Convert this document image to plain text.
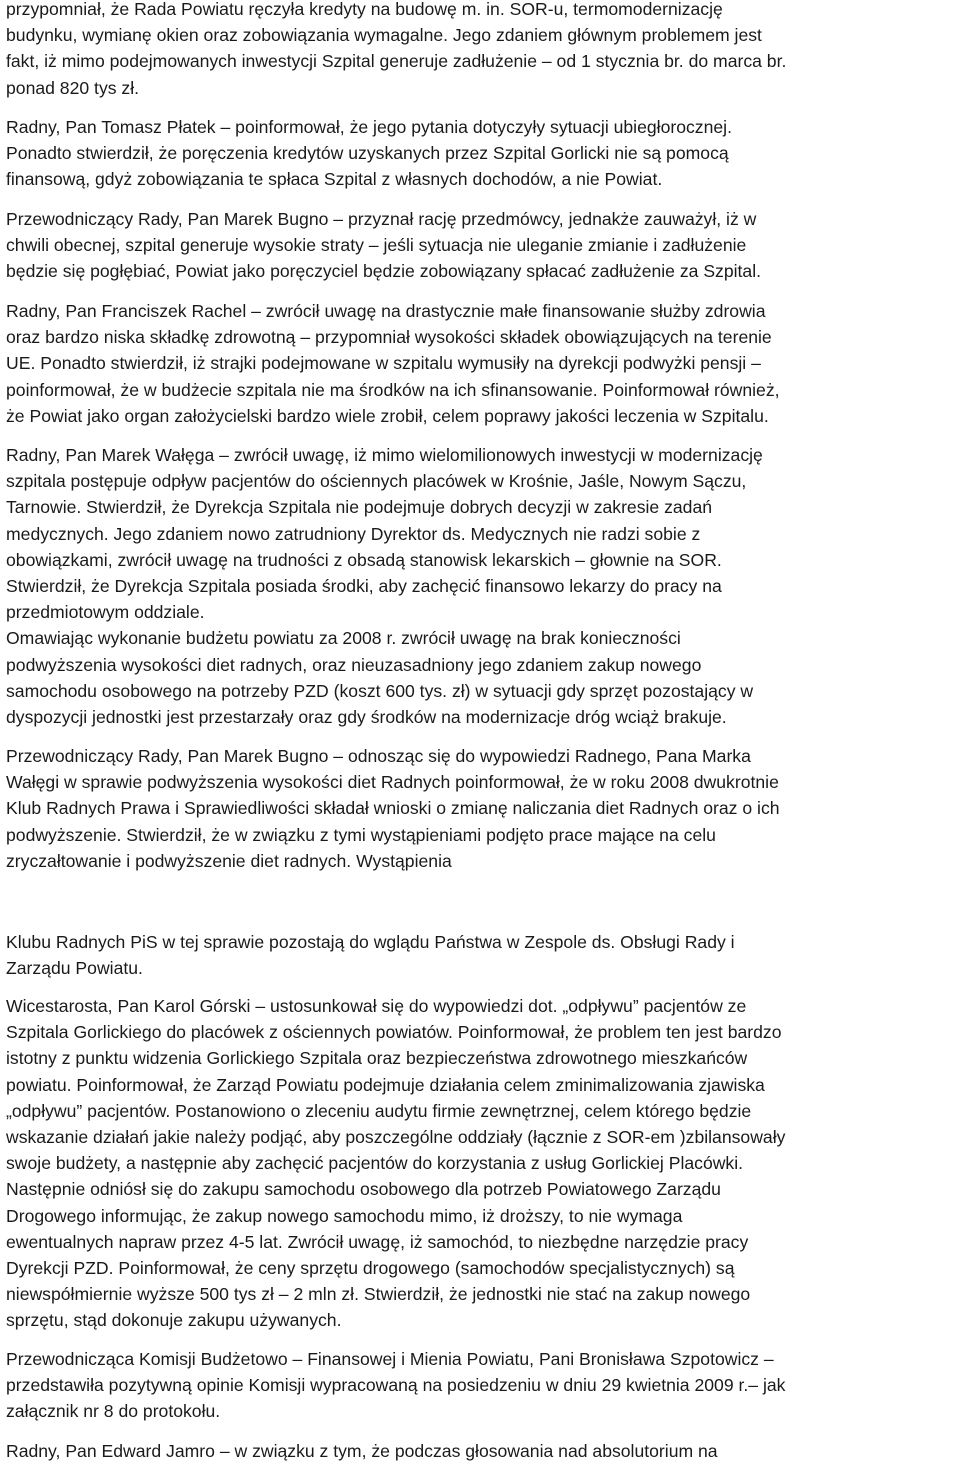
przypomniał, że Rada Powiatu ręczyła kredyty na budowę m. in. SOR-u, termomodernizację
budynku, wymianę okien oraz zobowiązania wymagalne. Jego zdaniem głównym problemem jest
fakt, iż mimo podejmowanych inwestycji Szpital generuje zadłużenie – od 1 stycznia br. do marca br.
ponad 820 tys zł.
Radny, Pan Tomasz Płatek – poinformował, że jego pytania dotyczyły sytuacji ubiegłorocznej.
Ponadto stwierdził, że poręczenia kredytów uzyskanych przez Szpital Gorlicki nie są pomocą
finansową, gdyż zobowiązania te spłaca Szpital z własnych dochodów, a nie Powiat.
Przewodniczący Rady, Pan Marek Bugno – przyznał rację przedmówcy, jednakże zauważył, iż w
chwili obecnej, szpital generuje wysokie straty – jeśli sytuacja nie uleganie zmianie i zadłużenie
będzie się pogłębiać, Powiat jako poręczyciel będzie zobowiązany spłacać zadłużenie za Szpital.
Radny, Pan Franciszek Rachel – zwrócił uwagę na drastycznie małe finansowanie służby zdrowia
oraz bardzo niska składkę zdrowotną – przypomniał wysokości składek obowiązujących na terenie
UE. Ponadto stwierdził, iż strajki podejmowane w szpitalu wymusiły na dyrekcji podwyżki pensji –
poinformował, że w budżecie szpitala nie ma środków na ich sfinansowanie. Poinformował również,
że Powiat jako organ założycielski bardzo wiele zrobił, celem poprawy jakości leczenia w Szpitalu.
Radny, Pan Marek Wałęga – zwrócił uwagę, iż mimo wielomilionowych inwestycji w modernizację
szpitala postępuje odpływ pacjentów do ościennych placówek w Krośnie, Jaśle, Nowym Sączu,
Tarnowie. Stwierdził, że Dyrekcja Szpitala nie podejmuje dobrych decyzji w zakresie zadań
medycznych. Jego zdaniem nowo zatrudniony Dyrektor ds. Medycznych nie radzi sobie z
obowiązkami, zwrócił uwagę na trudności z obsadą stanowisk lekarskich – głownie na SOR.
Stwierdził, że Dyrekcja Szpitala posiada środki, aby zachęcić finansowo lekarzy do pracy na
przedmiotowym oddziale.
Omawiając wykonanie budżetu powiatu za 2008 r. zwrócił uwagę na brak konieczności
podwyższenia wysokości diet radnych, oraz nieuzasadniony jego zdaniem zakup nowego
samochodu osobowego na potrzeby PZD (koszt 600 tys. zł) w sytuacji gdy sprzęt pozostający w
dyspozycji jednostki jest przestarzały oraz gdy środków na modernizacje dróg wciąż brakuje.
Przewodniczący Rady, Pan Marek Bugno – odnosząc się do wypowiedzi Radnego, Pana Marka
Wałęgi w sprawie podwyższenia wysokości diet Radnych poinformował, że w roku 2008 dwukrotnie
Klub Radnych Prawa i Sprawiedliwości składał wnioski o zmianę naliczania diet Radnych oraz o ich
podwyższenie. Stwierdził, że w związku z tymi wystąpieniami podjęto prace mające na celu
zryczałtowanie i podwyższenie diet radnych. Wystąpienia
Klubu Radnych PiS w tej sprawie pozostają do wglądu Państwa w Zespole ds. Obsługi Rady i
Zarządu Powiatu.
Wicestarosta, Pan Karol Górski – ustosunkował się do wypowiedzi dot. „odpływu” pacjentów ze
Szpitala Gorlickiego do placówek z ościennych powiatów. Poinformował, że problem ten jest bardzo
istotny z punktu widzenia Gorlickiego Szpitala oraz bezpieczeństwa zdrowotnego mieszkańców
powiatu. Poinformował, że Zarząd Powiatu podejmuje działania celem zminimalizowania zjawiska
„odpływu” pacjentów. Postanowiono o zleceniu audytu firmie zewnętrznej, celem którego będzie
wskazanie działań jakie należy podjąć, aby poszczególne oddziały (łącznie z SOR-em )zbilansowały
swoje budżety, a następnie aby zachęcić pacjentów do korzystania z usług Gorlickiej Placówki.
Następnie odniósł się do zakupu samochodu osobowego dla potrzeb Powiatowego Zarządu
Drogowego informując, że zakup nowego samochodu mimo, iż droższy, to nie wymaga
ewentualnych napraw przez 4-5 lat. Zwrócił uwagę, iż samochód, to niezbędne narzędzie pracy
Dyrekcji PZD. Poinformował, że ceny sprzętu drogowego (samochodów specjalistycznych) są
niewspółmiernie wyższe 500 tys zł – 2 mln zł. Stwierdził, że jednostki nie stać na zakup nowego
sprzętu, stąd dokonuje zakupu używanych.
Przewodnicząca Komisji Budżetowo – Finansowej i Mienia Powiatu, Pani Bronisława Szpotowicz –
przedstawiła pozytywną opinie Komisji wypracowaną na posiedzeniu w dniu 29 kwietnia 2009 r.– jak
załącznik nr 8 do protokołu.
Radny, Pan Edward Jamro – w związku z tym, że podczas głosowania nad absolutorium na
